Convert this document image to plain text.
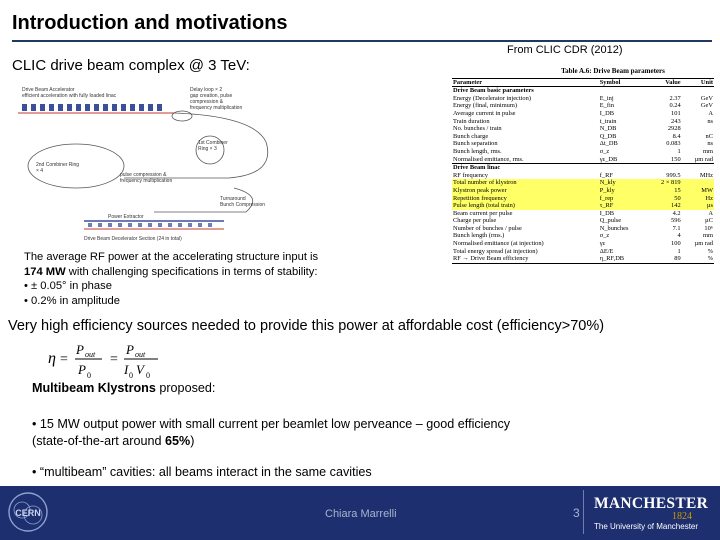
Introduction and motivations
From CLIC CDR (2012)
CLIC drive beam complex @ 3 TeV:
Drive Beam Accelerator
efficient acceleration with fully loaded linac
Delay loop × 2
gap creation, pulse
compression &
frequency multiplication
1st Combiner
Ring × 3
2nd Combiner Ring
× 4
pulse compression &
frequency multiplication
Turnaround
Bunch Compression
Power Extractor
Drive Beam Decelerator Section (24 in total)

The average RF power at the accelerating structure input is

174 MW with challenging specifications in terms of stability:

• ± 0.05° in phase

• 0.2% in amplitude

Table A.6: Drive Beam parameters
Parameter	Symbol	Value	Unit
Drive Beam basic parameters			
Energy (Decelerator injection)	E_inj	2.37	GeV
Energy (final, minimum)	E_fin	0.24	GeV
Average current in pulse	I_DB	101	A
Train duration	t_train	243	ns
No. bunches / train	N_DB	2928	
Bunch charge	Q_DB	8.4	nC
Bunch separation	Δt_DB	0.083	ns
Bunch length, rms.	σ_z	1	mm
Normalised emittance, rms.	γε_DB	150	µm rad
Drive Beam linac			
RF frequency	f_RF	999.5	MHz
Total number of klystron	N_kly	2 × 819	
Klystron peak power	P_kly	15	MW
Repetition frequency	f_rep	50	Hz
Pulse length (total train)	τ_RF	142	µs
Beam current per pulse	I_DB	4.2	A
Charge per pulse	Q_pulse	596	µC
Number of bunches / pulse	N_bunches	7.1	10⁶
Bunch length (rms.)	σ_z	4	mm
Normalised emittance (at injection)	γε	100	µm rad
Total energy spread (at injection)	ΔE/E	1	%
RF → Drive Beam efficiency	η_RF,DB	89	%
Very high efficiency sources needed to provide this power at affordable cost (efficiency>70%)
η =
P out
P 0
=
P out
I 0 V 0
Multibeam Klystrons proposed:
• 15 MW output power with small current per beamlet low perveance – good efficiency
(state-of-the-art around 65%)
• “multibeam” cavities: all beams interact in the same cavities
CERN	Chiara Marrelli	3
MANCHESTER
1824
The University of Manchester
